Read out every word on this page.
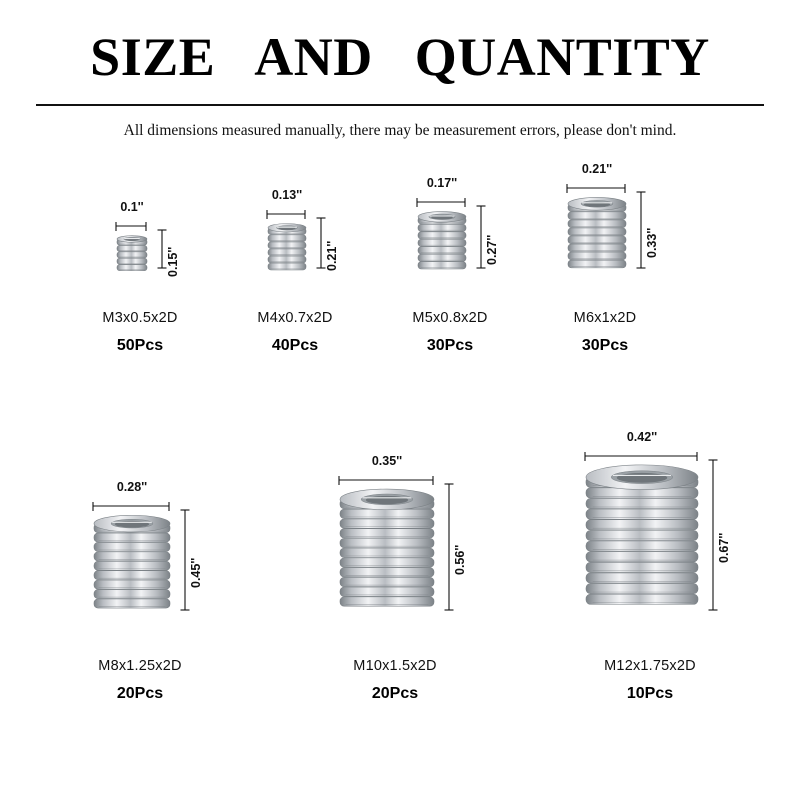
SIZE   AND   QUANTITY
All dimensions measured manually, there may be measurement errors, please don't mind.
0.1''
0.15''
M3x0.5x2D
50Pcs
0.13''
0.21''
M4x0.7x2D
40Pcs
0.17''
0.27''
M5x0.8x2D
30Pcs
0.21''
0.33''
M6x1x2D
30Pcs
0.28''
0.45''
M8x1.25x2D
20Pcs
0.35''
0.56''
M10x1.5x2D
20Pcs
0.42''
0.67''
M12x1.75x2D
10Pcs
